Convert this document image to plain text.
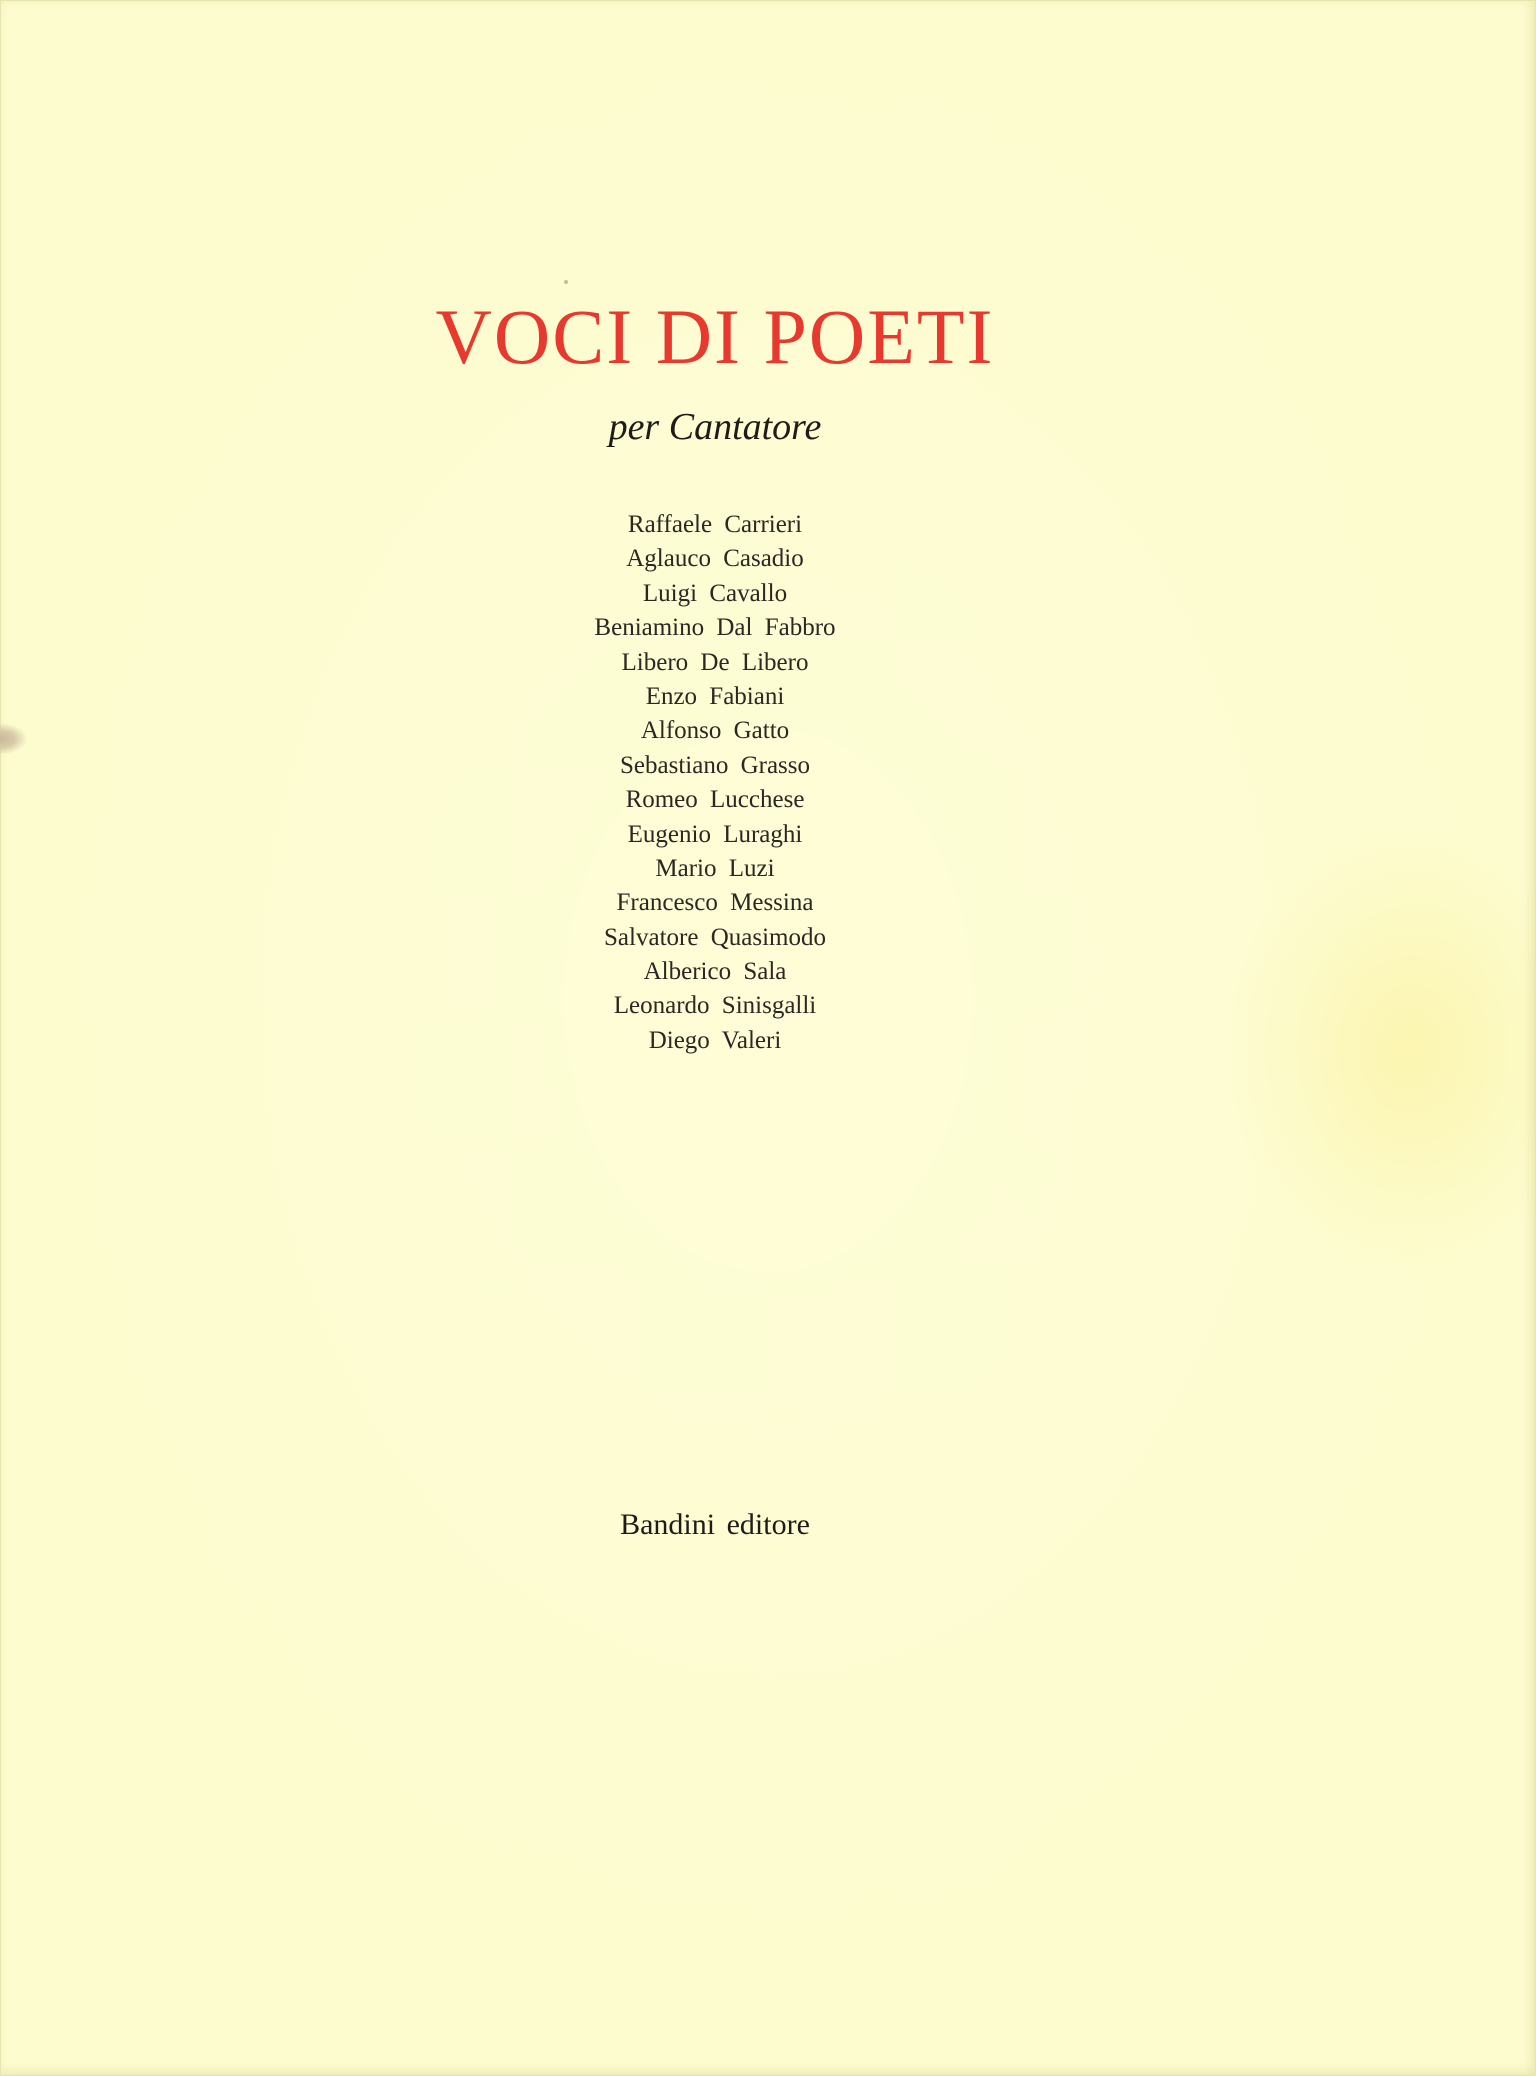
VOCI DI POETI
per Cantatore
Raffaele Carrieri
Aglauco Casadio
Luigi Cavallo
Beniamino Dal Fabbro
Libero De Libero
Enzo Fabiani
Alfonso Gatto
Sebastiano Grasso
Romeo Lucchese
Eugenio Luraghi
Mario Luzi
Francesco Messina
Salvatore Quasimodo
Alberico Sala
Leonardo Sinisgalli
Diego Valeri
Bandini editore
